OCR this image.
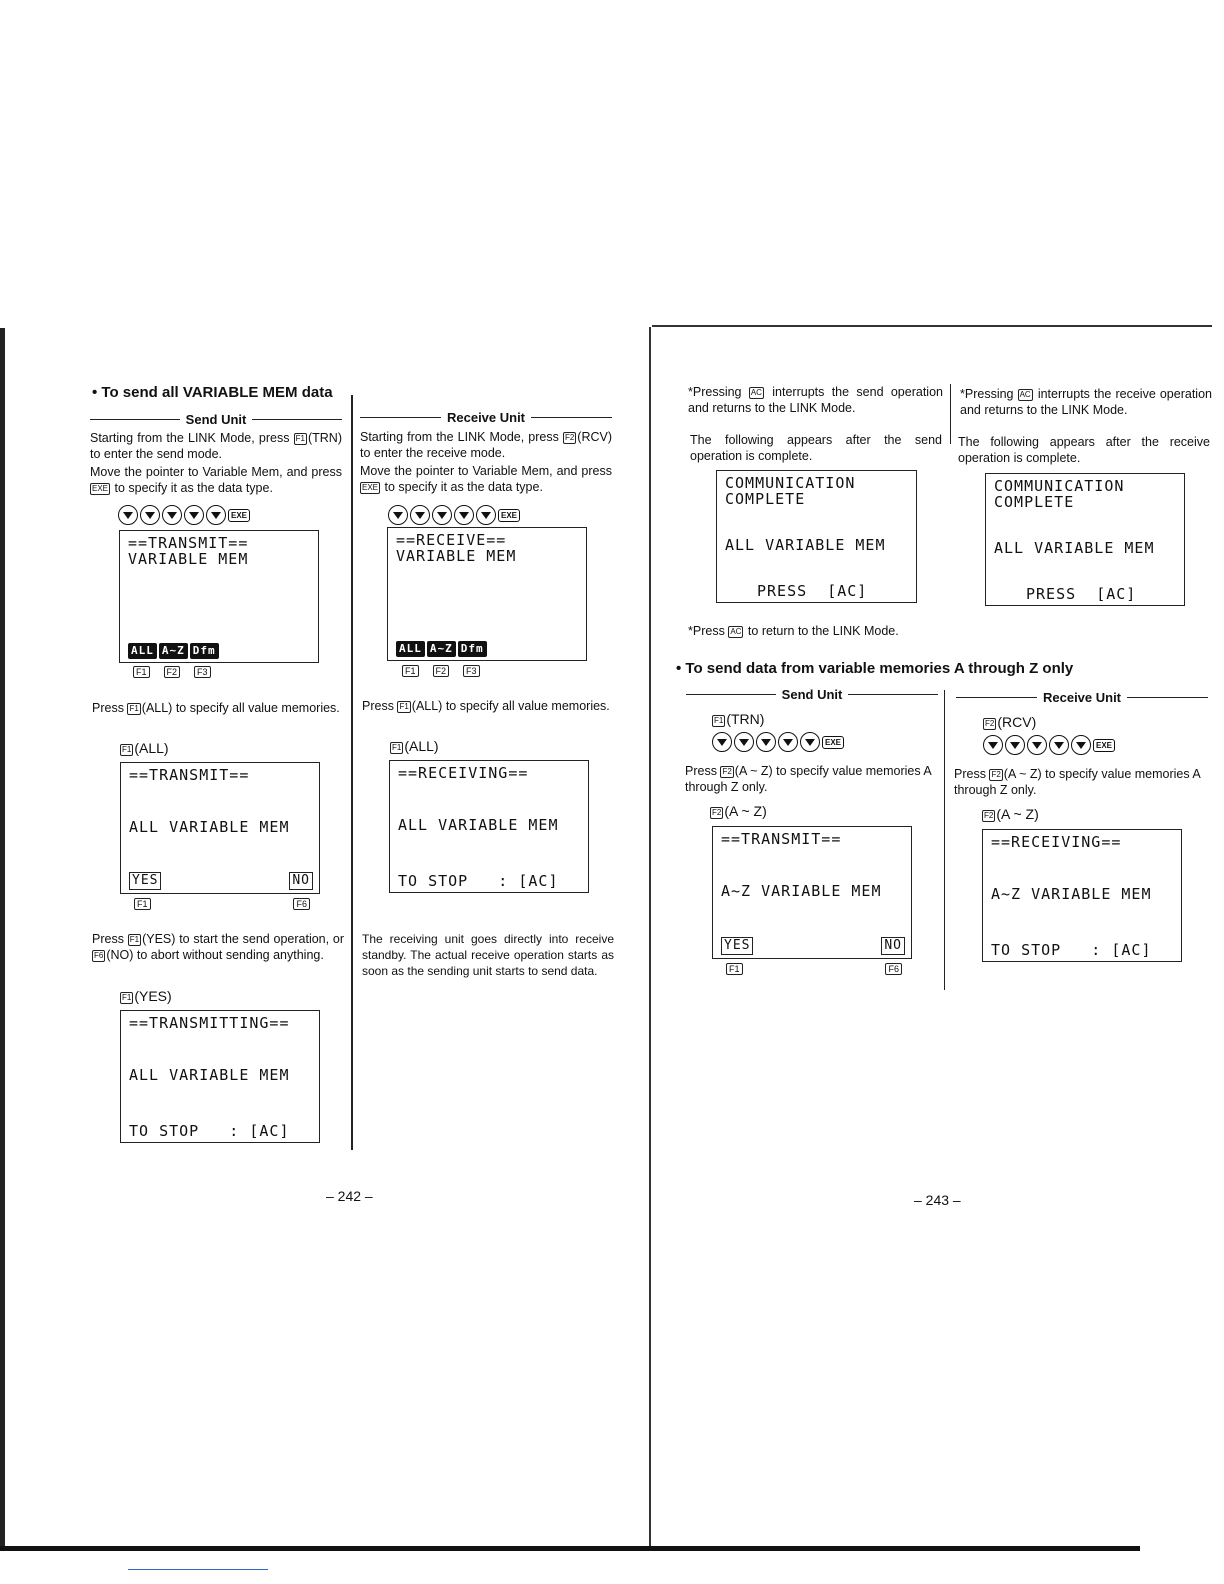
• To send all VARIABLE MEM data
Send Unit

Starting from the LINK Mode, press F1 (TRN) to enter the send mode.

Move the pointer to Variable Mem, and press EXE to specify it as the data type.

EXE
==TRANSMIT==
VARIABLE MEM
ALL A~Z Dfm
F1	F2	F3

Press F1 (ALL) to specify all value memories.

F1 (ALL)
==TRANSMIT==
ALL VARIABLE MEM
YES	NO
F1	F6

Press F1 (YES) to start the send operation, or F6 (NO) to abort without sending anything.

F1 (YES)
==TRANSMITTING==
ALL VARIABLE MEM
TO STOP   : [AC]
Receive Unit

Starting from the LINK Mode, press F2 (RCV) to enter the receive mode.

Move the pointer to Variable Mem, and press EXE to specify it as the data type.

EXE
==RECEIVE==
VARIABLE MEM
ALL A~Z Dfm
F1	F2	F3

Press F1 (ALL) to specify all value memories.

F1 (ALL)
==RECEIVING==
ALL VARIABLE MEM
TO STOP   : [AC]

The receiving unit goes directly into receive standby. The actual receive operation starts as soon as the sending unit starts to send data.

– 242 –

*Pressing AC interrupts the send operation and returns to the LINK Mode.

The following appears after the send operation is complete.

COMMUNICATION
COMPLETE
ALL VARIABLE MEM
PRESS  [AC]

*Press AC to return to the LINK Mode.

*Pressing AC interrupts the receive operation and returns to the LINK Mode.

The following appears after the receive operation is complete.

COMMUNICATION
COMPLETE
ALL VARIABLE MEM
PRESS  [AC]
• To send data from variable memories A through Z only
Send Unit
F1 (TRN)
EXE

Press F2 (A ~ Z) to specify value memories A through Z only.

F2 (A ~ Z)
==TRANSMIT==
A~Z VARIABLE MEM
YES	NO
F1	F6
Receive Unit
F2 (RCV)
EXE

Press F2 (A ~ Z) to specify value memories A through Z only.

F2 (A ~ Z)
==RECEIVING==
A~Z VARIABLE MEM
TO STOP   : [AC]
– 243 –
